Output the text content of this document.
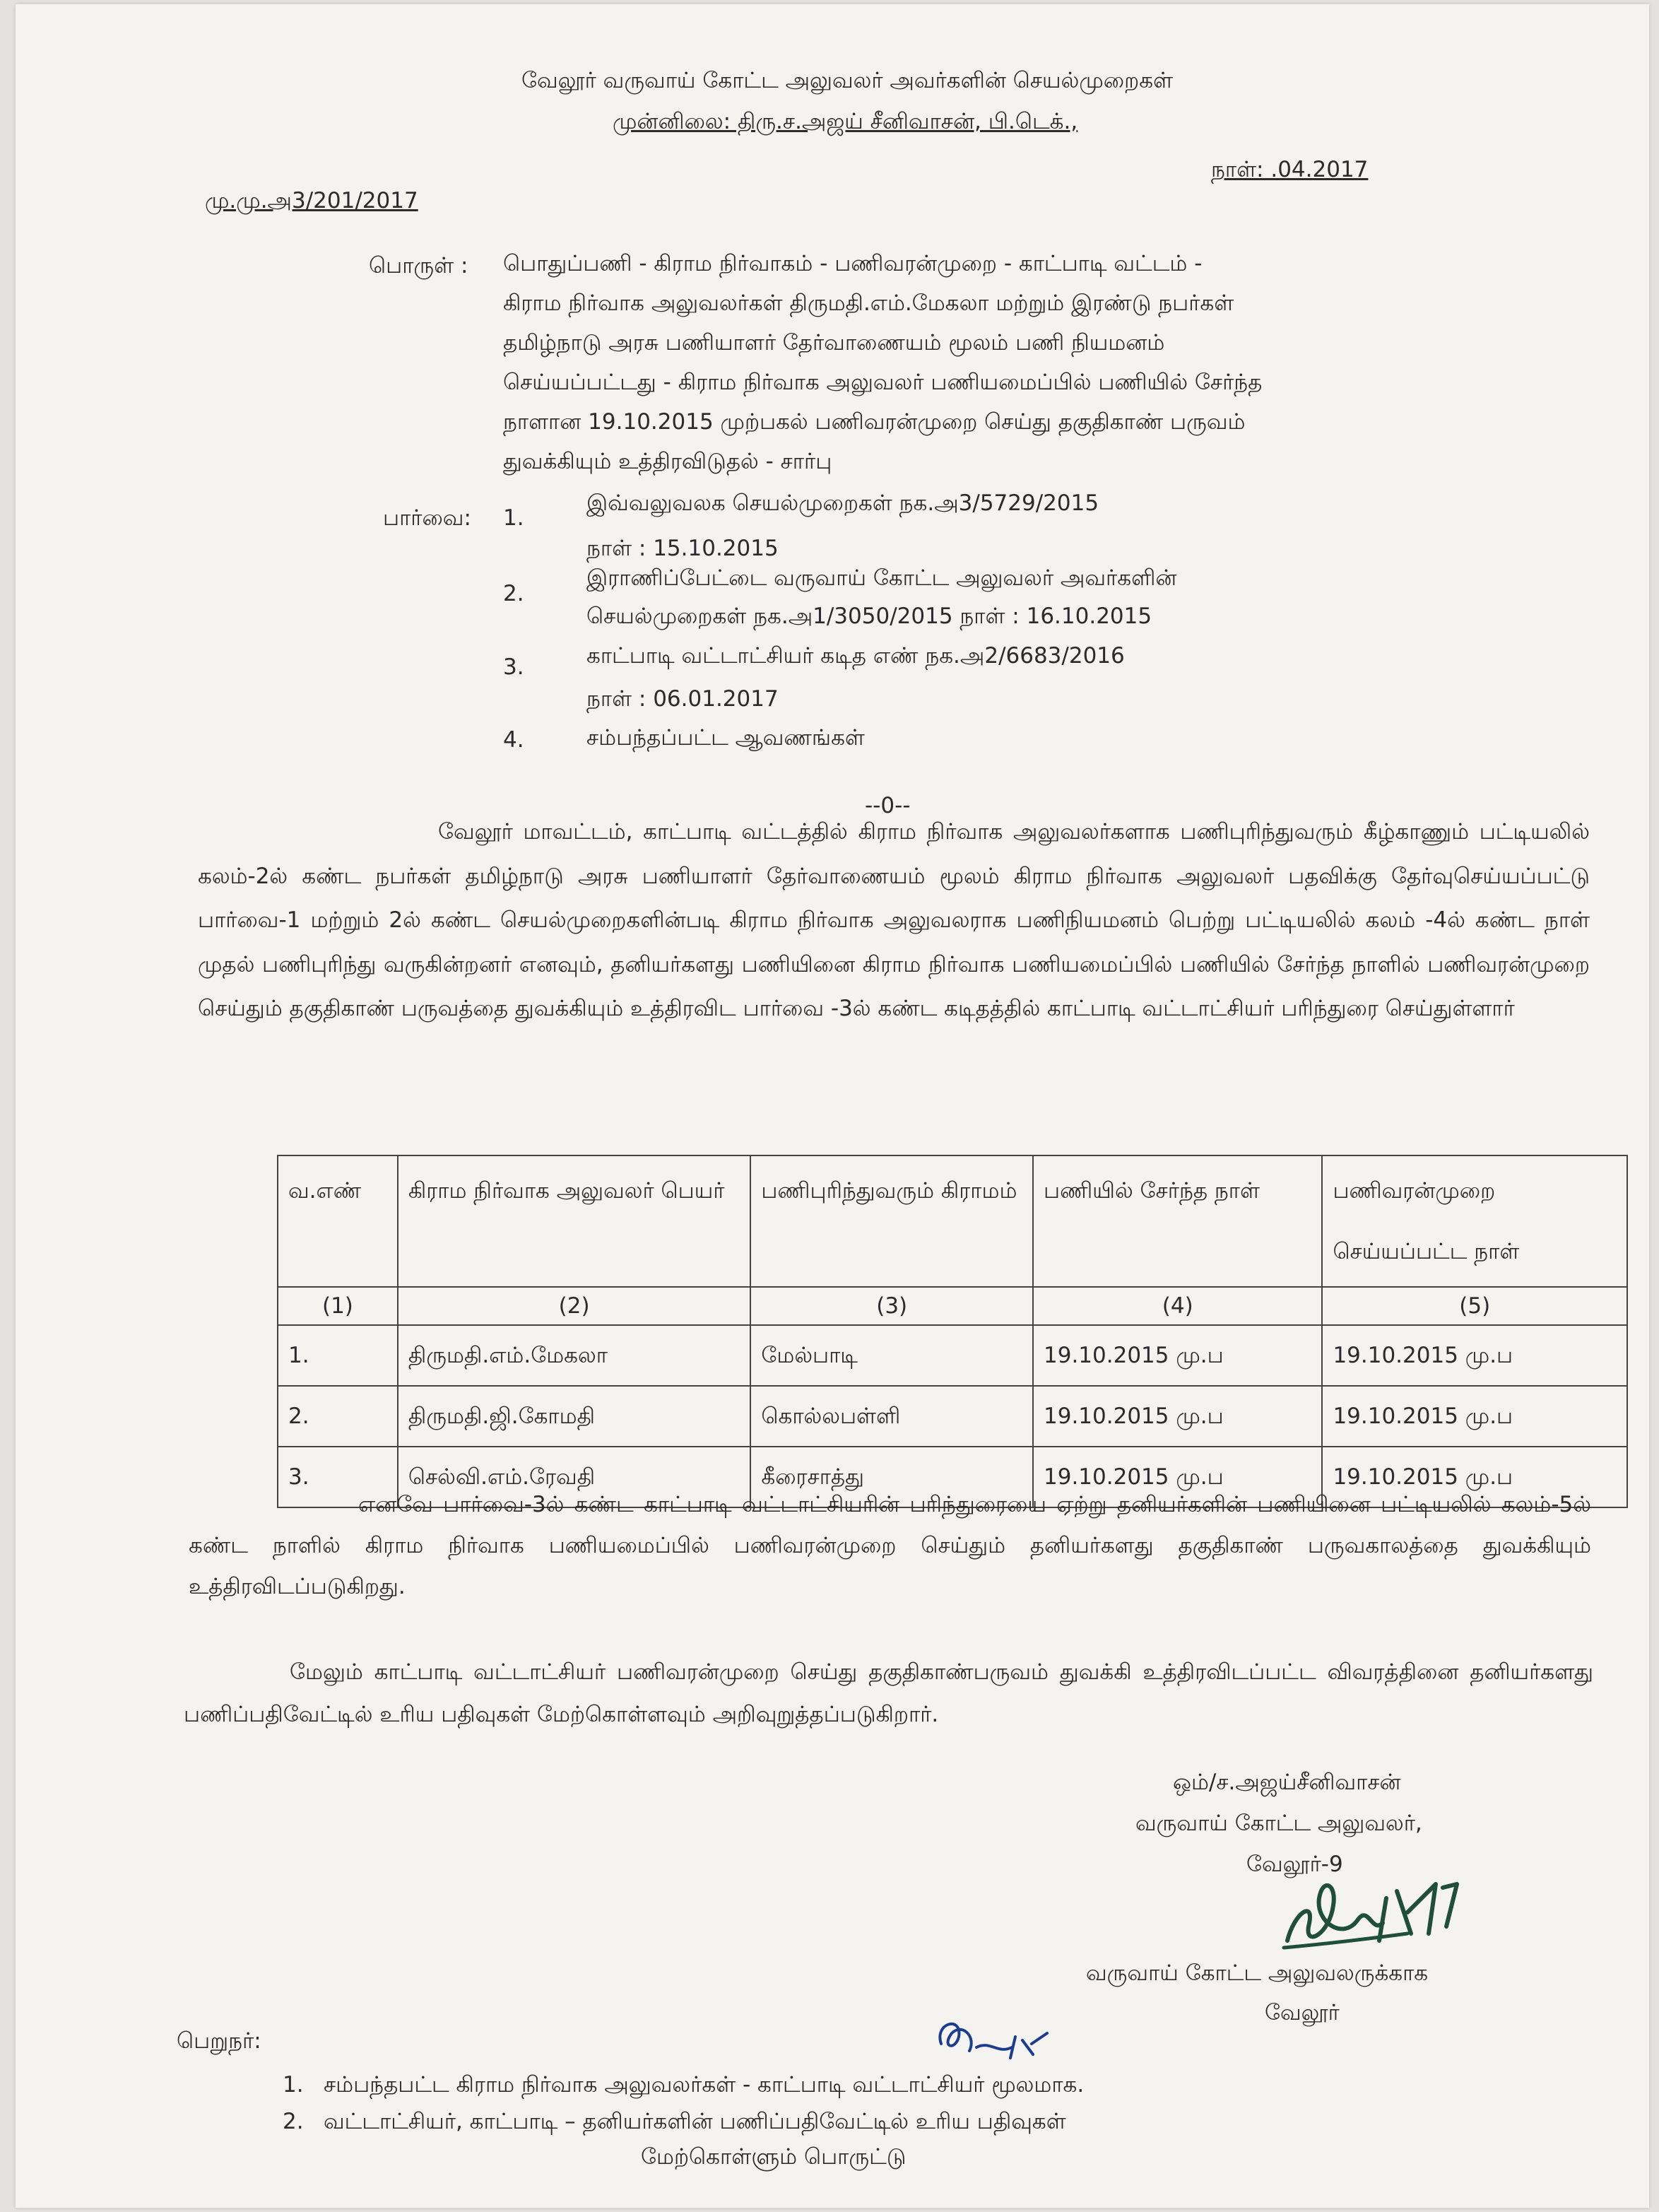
வேலூர் வருவாய் கோட்ட அலுவலர் அவர்களின் செயல்முறைகள்
முன்னிலை: திரு.ச.அஜய் சீனிவாசன், பி.டெக்.,
மு.மு.அ3/201/2017
நாள்: .04.2017
பொருள் : பொதுப்பணி - கிராம நிர்வாகம் - பணிவரன்முறை - காட்பாடி வட்டம் -

கிராம நிர்வாக அலுவலர்கள் திருமதி.எம்.மேகலா மற்றும் இரண்டு நபர்கள்

தமிழ்நாடு அரசு பணியாளர் தேர்வாணையம் மூலம் பணி நியமனம்

செய்யப்பட்டது - கிராம நிர்வாக அலுவலர் பணியமைப்பில் பணியில் சேர்ந்த

நாளான 19.10.2015 முற்பகல் பணிவரன்முறை செய்து தகுதிகாண் பருவம்

துவக்கியும் உத்திரவிடுதல் - சார்பு

பார்வை: 1.
இவ்வலுவலக செயல்முறைகள் நக.அ3/5729/2015
நாள் : 15.10.2015
2.
இராணிப்பேட்டை வருவாய் கோட்ட அலுவலர் அவர்களின்
செயல்முறைகள் நக.அ1/3050/2015 நாள் : 16.10.2015
3.	காட்பாடி வட்டாட்சியர் கடித எண் நக.அ2/6683/2016
நாள் : 06.01.2017
4.	சம்பந்தப்பட்ட ஆவணங்கள்
--0--
வேலூர் மாவட்டம், காட்பாடி வட்டத்தில் கிராம நிர்வாக அலுவலர்களாக பணிபுரிந்துவரும் கீழ்காணும் பட்டியலில் கலம்-2ல் கண்ட நபர்கள் தமிழ்நாடு அரசு பணியாளர் தேர்வாணையம் மூலம் கிராம நிர்வாக அலுவலர் பதவிக்கு தேர்வுசெய்யப்பட்டு பார்வை-1 மற்றும் 2ல் கண்ட செயல்முறைகளின்படி கிராம நிர்வாக அலுவலராக பணிநியமனம் பெற்று பட்டியலில் கலம் -4ல் கண்ட நாள் முதல் பணிபுரிந்து வருகின்றனர் எனவும், தனியர்களது பணியினை கிராம நிர்வாக பணியமைப்பில் பணியில் சேர்ந்த நாளில் பணிவரன்முறை செய்தும் தகுதிகாண் பருவத்தை துவக்கியும் உத்திரவிட பார்வை -3ல் கண்ட கடிதத்தில் காட்பாடி வட்டாட்சியர் பரிந்துரை செய்துள்ளார்
வ.எண்	கிராம நிர்வாக அலுவலர் பெயர்	பணிபுரிந்துவரும் கிராமம்	பணியில் சேர்ந்த நாள்	பணிவரன்முறை செய்யப்பட்ட நாள்
(1)	(2)	(3)	(4)	(5)
1.	திருமதி.எம்.மேகலா	மேல்பாடி	19.10.2015 மு.ப	19.10.2015 மு.ப
2.	திருமதி.ஜி.கோமதி	கொல்லபள்ளி	19.10.2015 மு.ப	19.10.2015 மு.ப
3.	செல்வி.எம்.ரேவதி	கீரைசாத்து	19.10.2015 மு.ப	19.10.2015 மு.ப
எனவே பார்வை-3ல் கண்ட காட்பாடி வட்டாட்சியரின் பரிந்துரையை ஏற்று தனியர்களின் பணியினை பட்டியலில் கலம்-5ல் கண்ட நாளில் கிராம நிர்வாக பணியமைப்பில் பணிவரன்முறை செய்தும் தனியர்களது தகுதிகாண் பருவகாலத்தை துவக்கியும் உத்திரவிடப்படுகிறது.
மேலும் காட்பாடி வட்டாட்சியர் பணிவரன்முறை செய்து தகுதிகாண்பருவம் துவக்கி உத்திரவிடப்பட்ட விவரத்தினை தனியர்களது பணிப்பதிவேட்டில் உரிய பதிவுகள் மேற்கொள்ளவும் அறிவுறுத்தப்படுகிறார்.
ஒம்/ச.அஜய்சீனிவாசன்
வருவாய் கோட்ட அலுவலர்,
வேலூர்-9
வருவாய் கோட்ட அலுவலருக்காக
வேலூர்
பெறுநர்:
1. சம்பந்தபட்ட கிராம நிர்வாக அலுவலர்கள் - காட்பாடி வட்டாட்சியர் மூலமாக.
2. வட்டாட்சியர், காட்பாடி – தனியர்களின் பணிப்பதிவேட்டில் உரிய பதிவுகள்
மேற்கொள்ளும் பொருட்டு
